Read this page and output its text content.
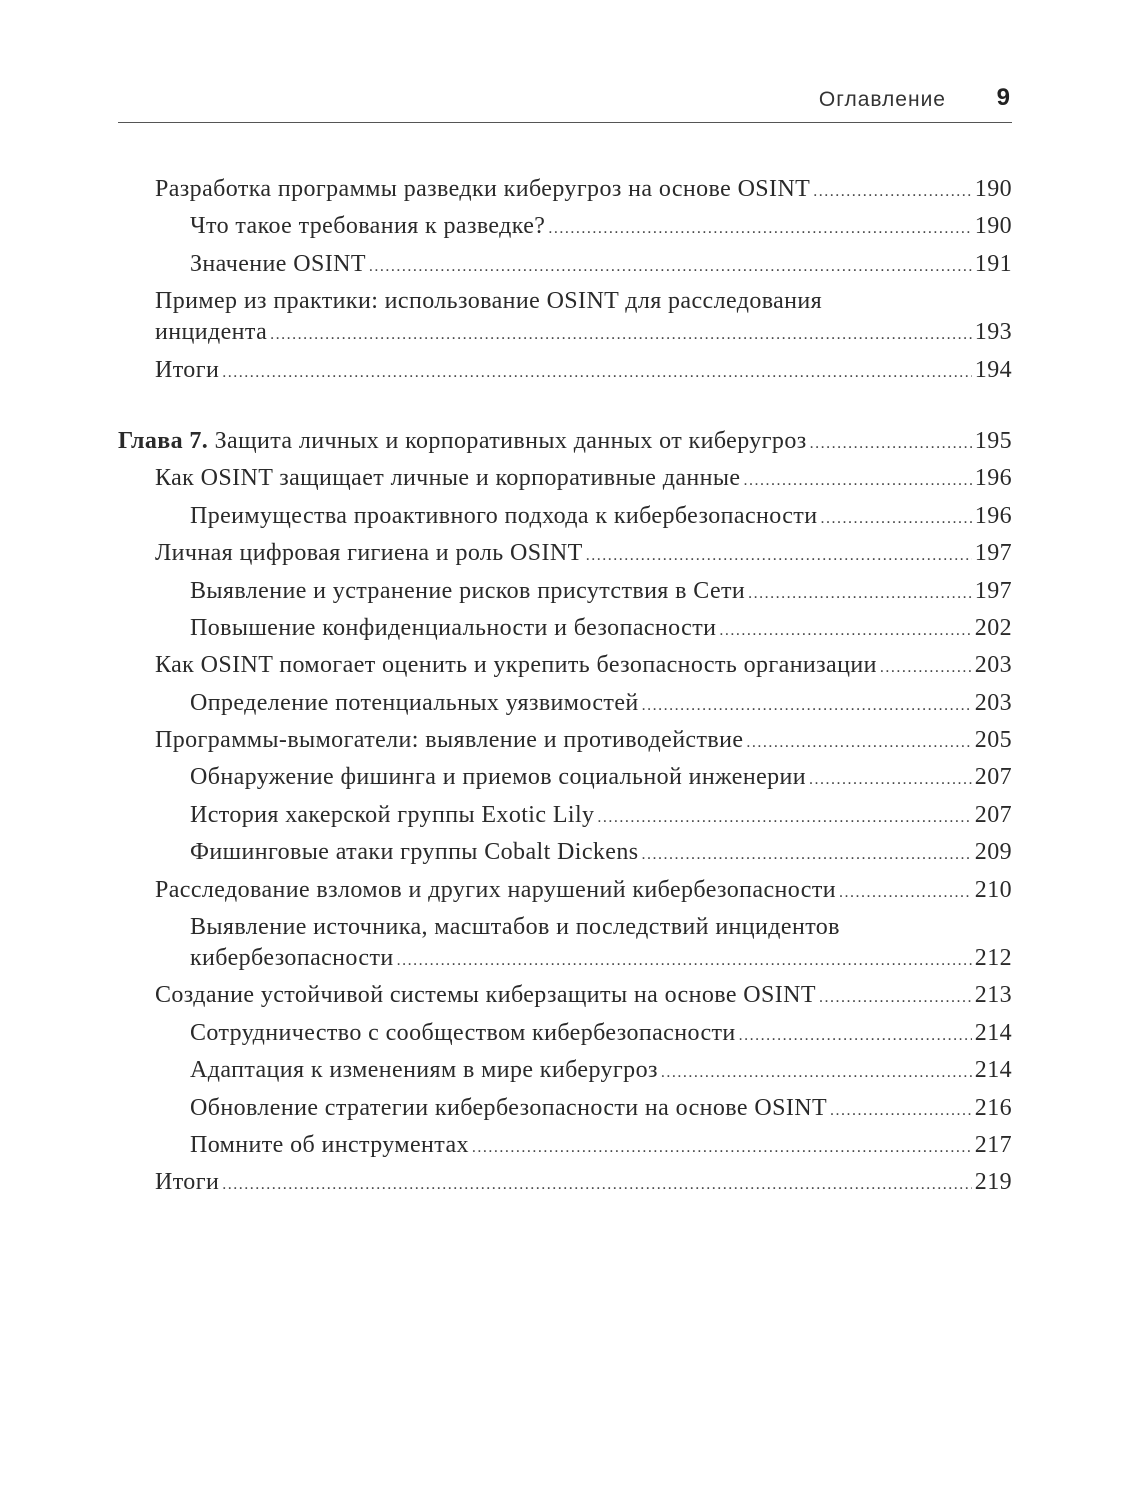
Оглавление 9
Разработка программы разведки киберугроз на основе OSINT .....	190
Что такое требования к разведке? .....	190
Значение OSINT .....	191
Пример из практики: использование OSINT для расследования
инцидента .....	193
Итоги .....	194
Глава 7. Защита личных и корпоративных данных от киберугроз .....	195
Как OSINT защищает личные и корпоративные данные .....	196
Преимущества проактивного подхода к кибербезопасности .....	196
Личная цифровая гигиена и роль OSINT .....	197
Выявление и устранение рисков присутствия в Сети .....	197
Повышение конфиденциальности и безопасности .....	202
Как OSINT помогает оценить и укрепить безопасность организации .....	203
Определение потенциальных уязвимостей .....	203
Программы-вымогатели: выявление и противодействие .....	205
Обнаружение фишинга и приемов социальной инженерии .....	207
История хакерской группы Exotic Lily .....	207
Фишинговые атаки группы Cobalt Dickens .....	209
Расследование взломов и других нарушений кибербезопасности .....	210
Выявление источника, масштабов и последствий инцидентов
кибербезопасности .....	212
Создание устойчивой системы киберзащиты на основе OSINT .....	213
Сотрудничество с сообществом кибербезопасности .....	214
Адаптация к изменениям в мире киберугроз .....	214
Обновление стратегии кибербезопасности на основе OSINT .....	216
Помните об инструментах .....	217
Итоги .....	219
